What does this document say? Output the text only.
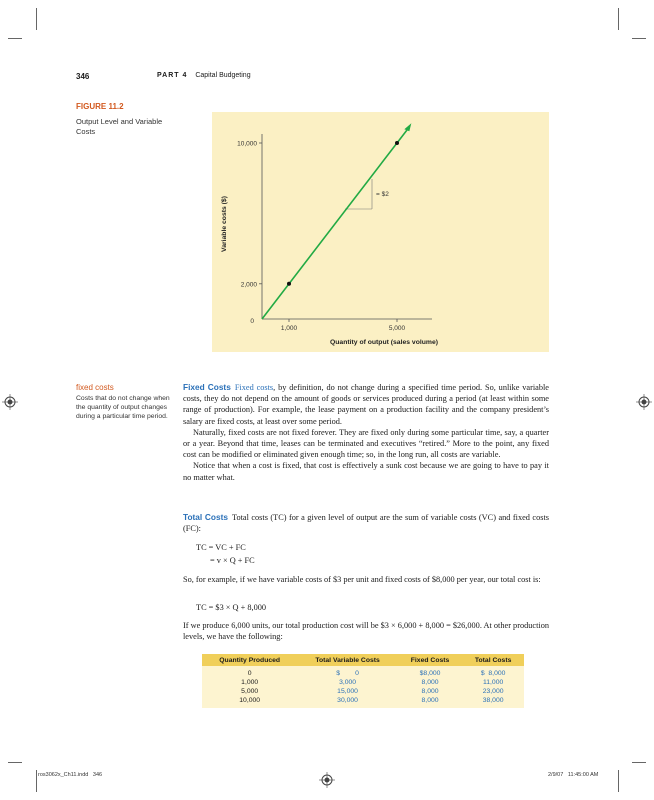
346	PART 4 Capital Budgeting
FIGURE 11.2
Output Level and Variable Costs
= $2
0
Quantity of output (sales volume)
Variable costs ($)
1,000	5,000
2,000
10,000
fixed costs
Costs that do not change when the quantity of output changes during a particular time period.

Fixed Costs Fixed costs, by definition, do not change during a specified time period. So, unlike variable costs, they do not depend on the amount of goods or services produced during a period (at least within some range of production). For example, the lease payment on a production facility and the company president’s salary are fixed costs, at least over some period.

Naturally, fixed costs are not fixed forever. They are fixed only during some particular time, say, a quarter or a year. Beyond that time, leases can be terminated and executives “retired.” More to the point, any fixed cost can be modified or eliminated given enough time; so, in the long run, all costs are variable.

Notice that when a cost is fixed, that cost is effectively a sunk cost because we are going to have to pay it no matter what.

Total Costs Total costs (TC) for a given level of output are the sum of variable costs (VC) and fixed costs (FC):

TC = VC + FC
= v × Q + FC
So, for example, if we have variable costs of $3 per unit and fixed costs of $8,000 per year, our total cost is:
TC = $3 × Q + 8,000
If we produce 6,000 units, our total production cost will be $3 × 6,000 + 8,000 = $26,000. At other production levels, we have the following:
Quantity Produced	Total Variable Costs	Fixed Costs	Total Costs
0	$        0	$8,000	$  8,000
1,000	3,000	8,000	11,000
5,000	15,000	8,000	23,000
10,000	30,000	8,000	38,000
ros3062x_Ch11.indd   346	2/9/07   11:45:00 AM
